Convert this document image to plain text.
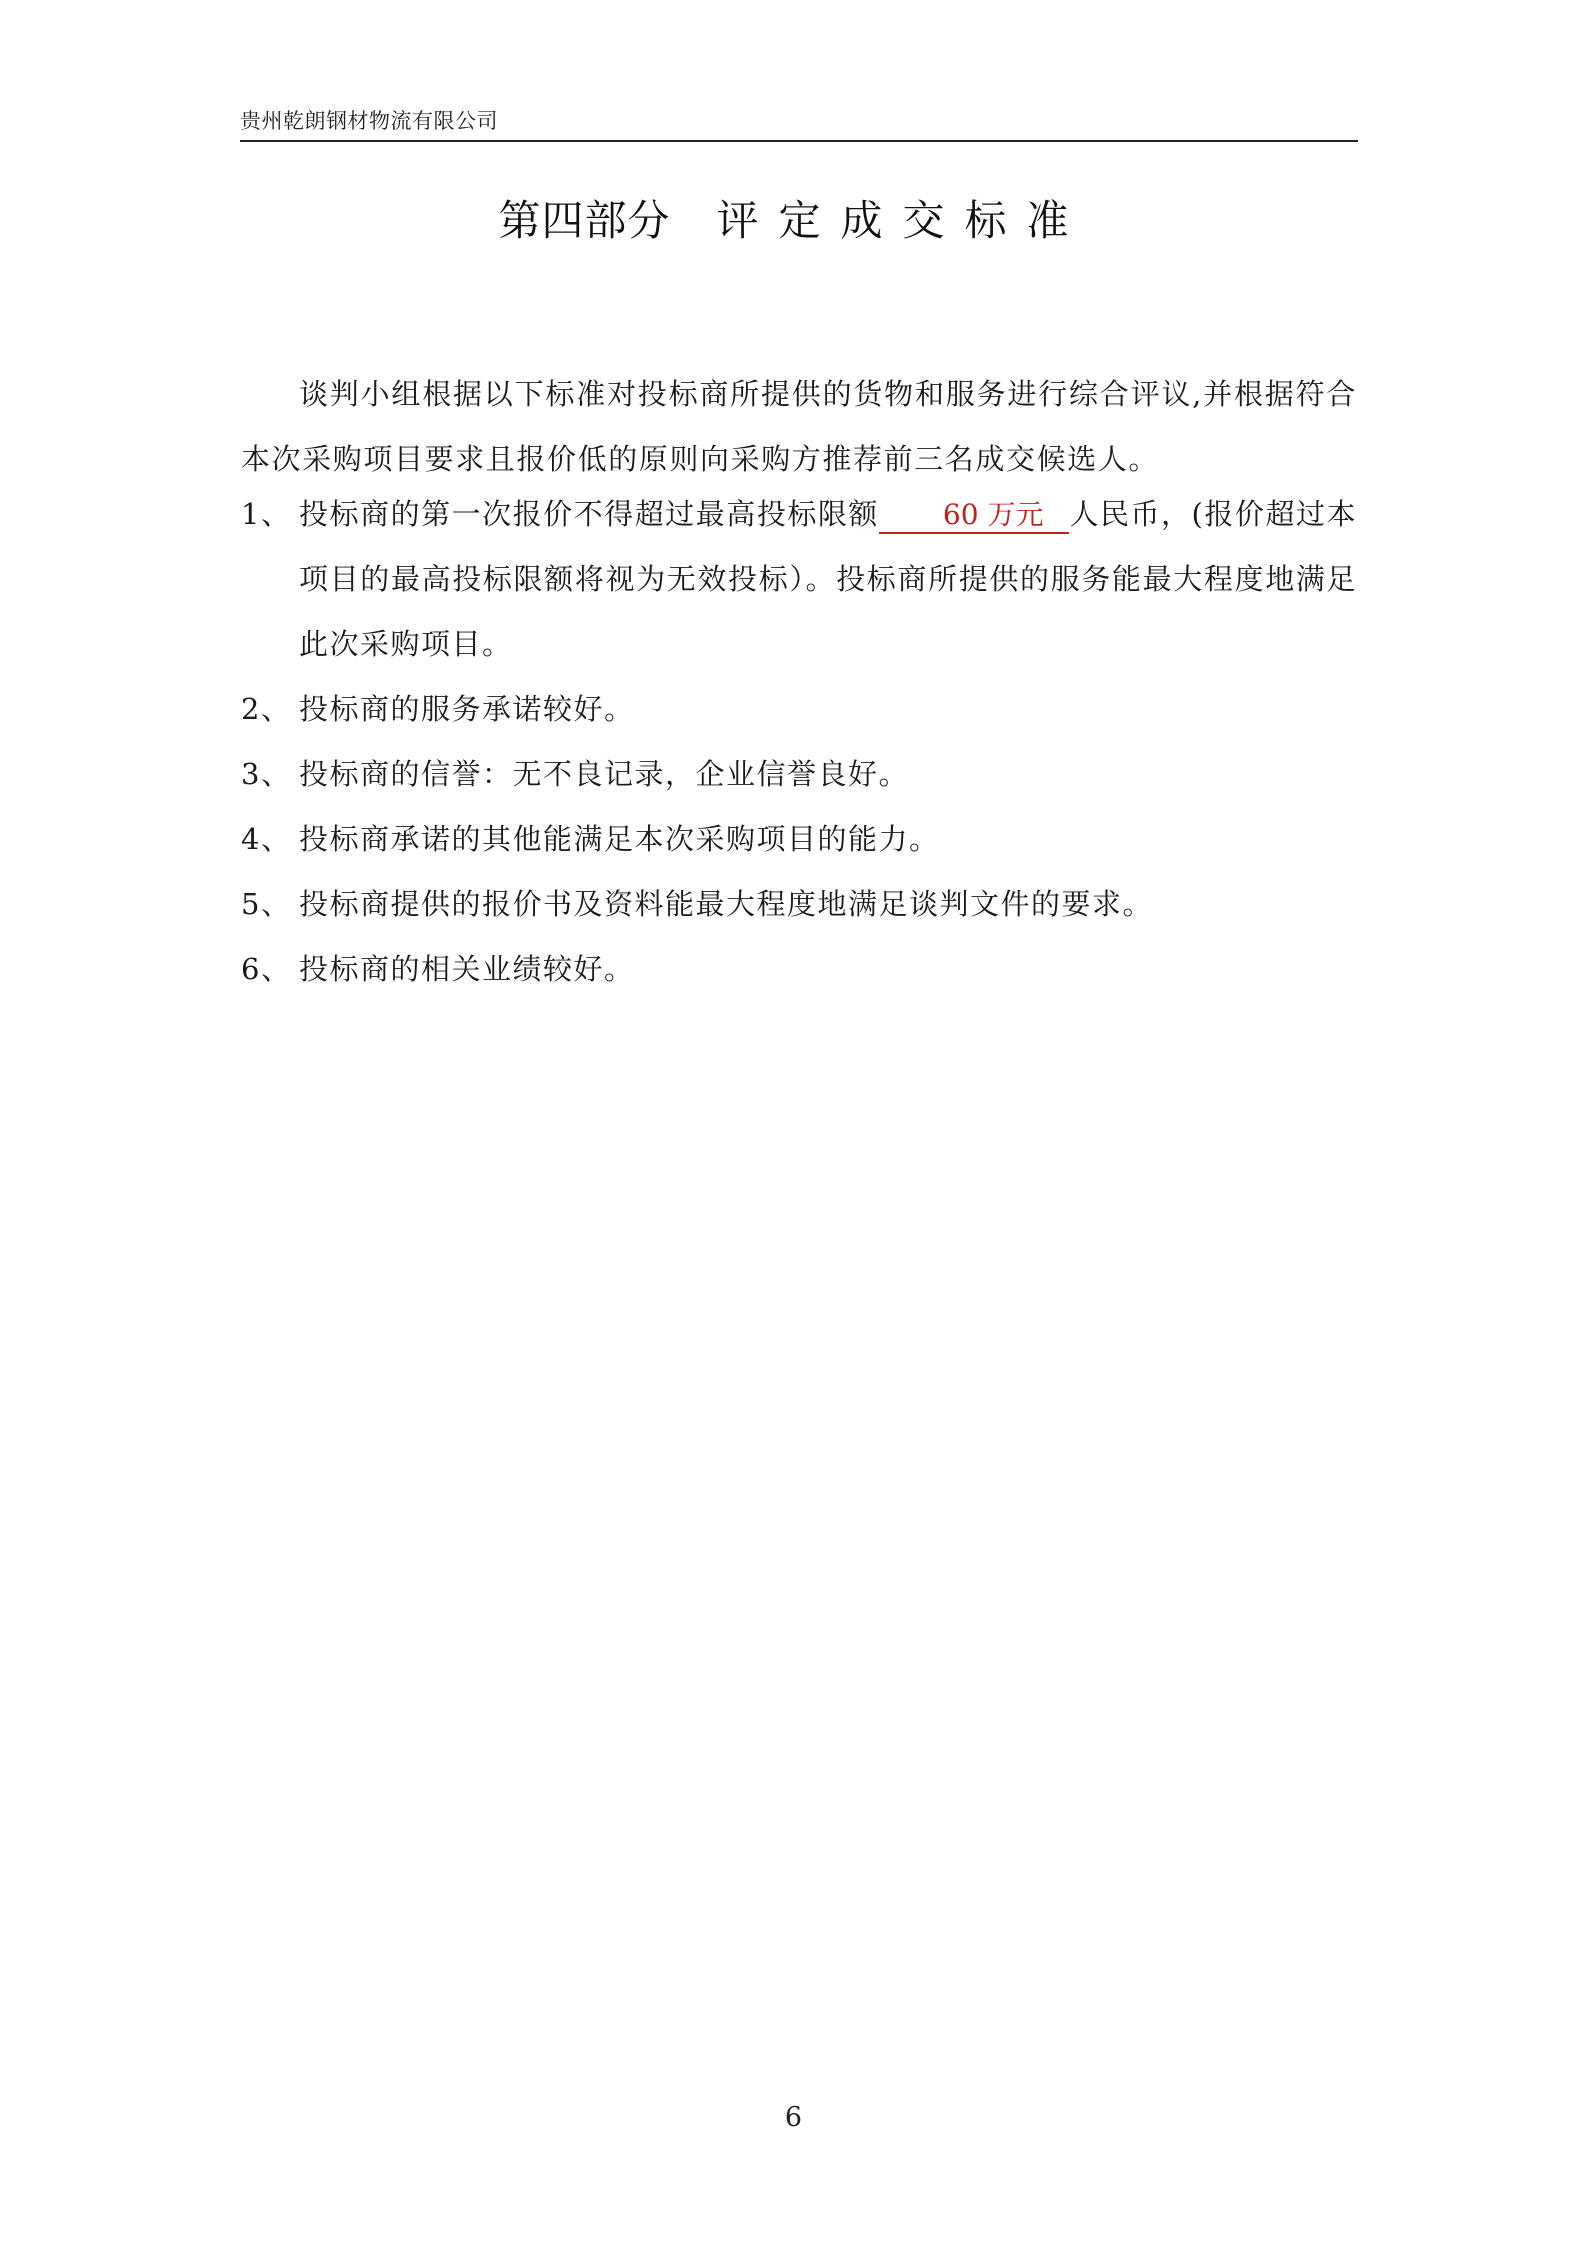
贵州乾朗钢材物流有限公司
第四部分 评定成交标准

谈判小组根据以下标准对投标商所提供的货物和服务进行综合评议,并根据符合本次采购项目要求且报价低的原则向采购方推荐前三名成交候选人。

1、 投标商的第一次报价不得超过最高投标限额 60 万元 人民币，(报价超过本项目的最高投标限额将视为无效投标）。投标商所提供的服务能最大程度地满足此次采购项目。
2、 投标商的服务承诺较好。
3、 投标商的信誉：无不良记录，企业信誉良好。
4、 投标商承诺的其他能满足本次采购项目的能力。
5、 投标商提供的报价书及资料能最大程度地满足谈判文件的要求。
6、 投标商的相关业绩较好。
6
